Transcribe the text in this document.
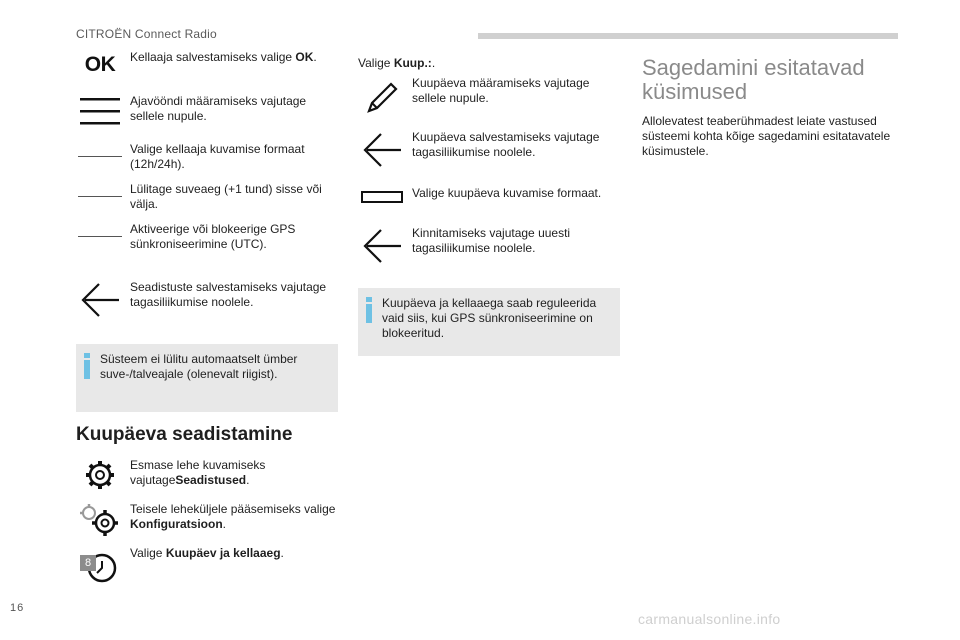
CITROËN Connect Radio
OK Kellaaja salvestamiseks valige OK.
Ajavööndi määramiseks vajutage sellele nupule.
Valige kellaaja kuvamise formaat (12h/24h).
Lülitage suveaeg (+1 tund) sisse või välja.
Aktiveerige või blokeerige GPS sünkroniseerimine (UTC).
Seadistuste salvestamiseks vajutage tagasiliikumise noolele.
Süsteem ei lülitu automaatselt ümber suve-/talveajale (olenevalt riigist).
Kuupäeva seadistamine
Esmase lehe kuvamiseks vajutageSeadistused.
Teisele leheküljele pääsemiseks valige Konfiguratsioon.
Valige Kuupäev ja kellaaeg.
8
Valige Kuup.:.
Kuupäeva määramiseks vajutage sellele nupule.
Kuupäeva salvestamiseks vajutage tagasiliikumise noolele.
Valige kuupäeva kuvamise formaat.
Kinnitamiseks vajutage uuesti tagasiliikumise noolele.
Kuupäeva ja kellaaega saab reguleerida vaid siis, kui GPS sünkroniseerimine on blokeeritud.
Sagedamini esitatavad küsimused
Allolevatest teaberühmadest leiate vastused süsteemi kohta kõige sagedamini esitatavatele küsimustele.
16
carmanualsonline.info
